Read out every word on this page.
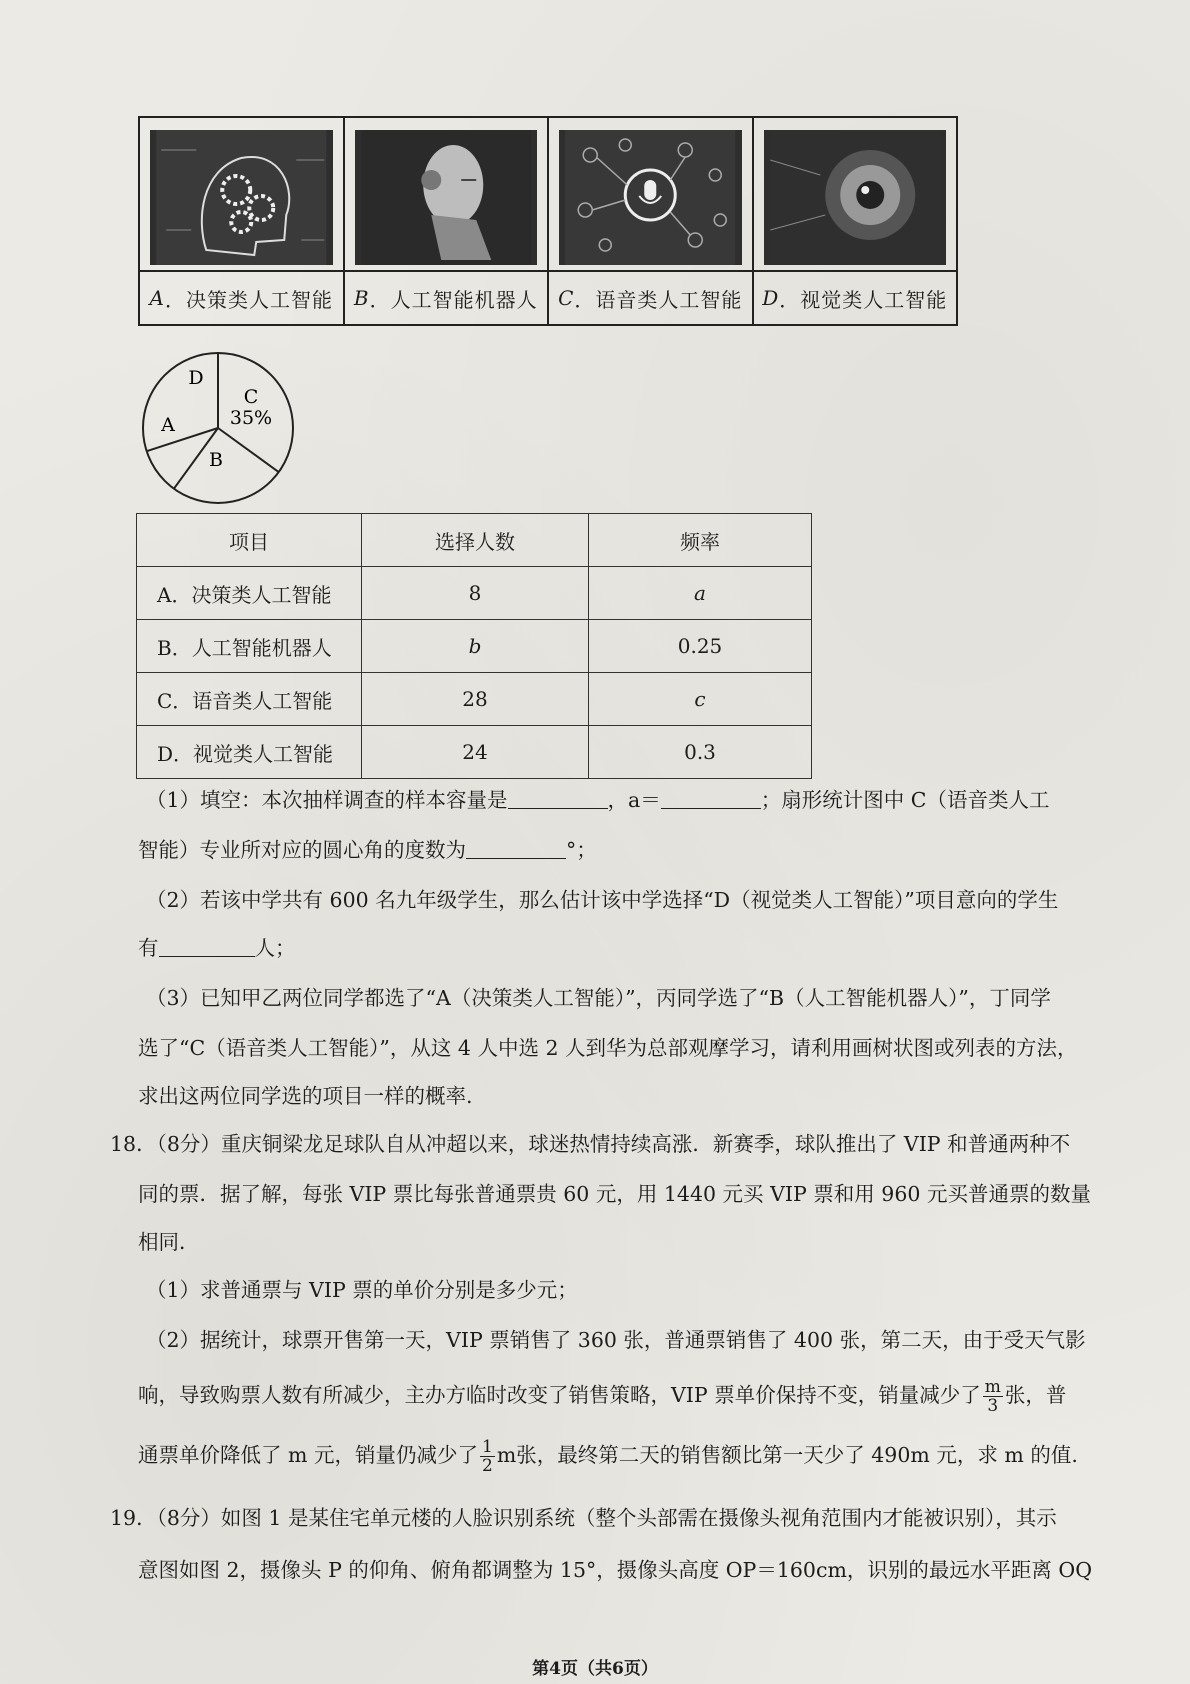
A ． 决策类人工智能 B ． 人工智能机器人 C ． 语音类人工智能 D ． 视觉类人工智能
D
C
35%
A
B
项目	选择人数	频率
A．决策类人工智能	8	a
B．人工智能机器人	b	0.25
C．语音类人工智能	28	c
D．视觉类人工智能	24	0.3
（1）填空：本次抽样调查的样本容量是	，a＝	；扇形统计图中 C（语音类人工
智能）专业所对应的圆心角的度数为	°；
（2）若该中学共有 600 名九年级学生，那么估计该中学选择“D（视觉类人工智能）”项目意向的学生
有	人；
（3）已知甲乙两位同学都选了“A（决策类人工智能）”，丙同学选了“B（人工智能机器人）”，丁同学
选了“C（语音类人工智能）”，从这 4 人中选 2 人到华为总部观摩学习，请利用画树状图或列表的方法，
求出这两位同学选的项目一样的概率.
18．（8分）重庆铜梁龙足球队自从冲超以来，球迷热情持续高涨．新赛季，球队推出了 VIP 和普通两种不
同的票．据了解，每张 VIP 票比每张普通票贵 60 元，用 1440 元买 VIP 票和用 960 元买普通票的数量
相同．
（1）求普通票与 VIP 票的单价分别是多少元；
（2）据统计，球票开售第一天，VIP 票销售了 360 张，普通票销售了 400 张，第二天，由于受天气影
响，导致购票人数有所减少，主办方临时改变了销售策略，VIP 票单价保持不变，销量减少了 $\frac{m}{3}$ 张，普
通票单价降低了 m 元，销量仍减少了 $\frac{1}{2}$ m张，最终第二天的销售额比第一天少了 490m 元，求 m 的值.
19．（8分）如图 1 是某住宅单元楼的人脸识别系统（整个头部需在摄像头视角范围内才能被识别），其示
意图如图 2，摄像头 P 的仰角、俯角都调整为 15°，摄像头高度 OP＝160cm，识别的最远水平距离 OQ
第4页（共6页）
